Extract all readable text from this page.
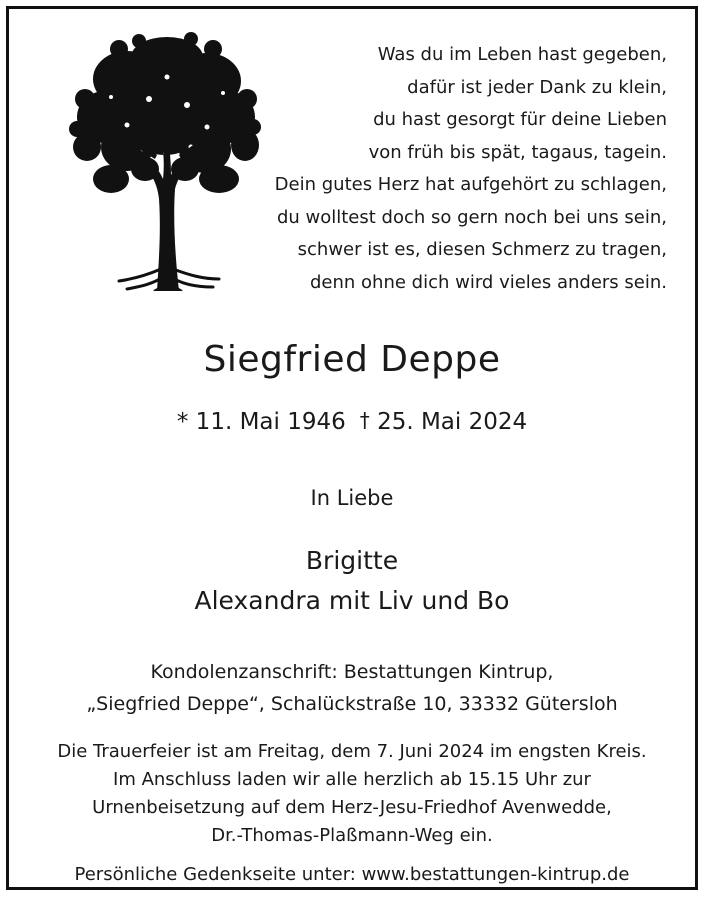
Was du im Leben hast gegeben,
dafür ist jeder Dank zu klein,
du hast gesorgt für deine Lieben
von früh bis spät, tagaus, tagein.
Dein gutes Herz hat aufgehört zu schlagen,
du wolltest doch so gern noch bei uns sein,
schwer ist es, diesen Schmerz zu tragen,
denn ohne dich wird vieles anders sein.
Siegfried Deppe
* 11. Mai 1946 † 25. Mai 2024
In Liebe
Brigitte
Alexandra mit Liv und Bo
Kondolenzanschrift: Bestattungen Kintrup,
„Siegfried Deppe“, Schalückstraße 10, 33332 Gütersloh
Die Trauerfeier ist am Freitag, dem 7. Juni 2024 im engsten Kreis.
Im Anschluss laden wir alle herzlich ab 15.15 Uhr zur
Urnenbeisetzung auf dem Herz-Jesu-Friedhof Avenwedde,
Dr.-Thomas-Plaßmann-Weg ein.
Persönliche Gedenkseite unter: www.bestattungen-kintrup.de
